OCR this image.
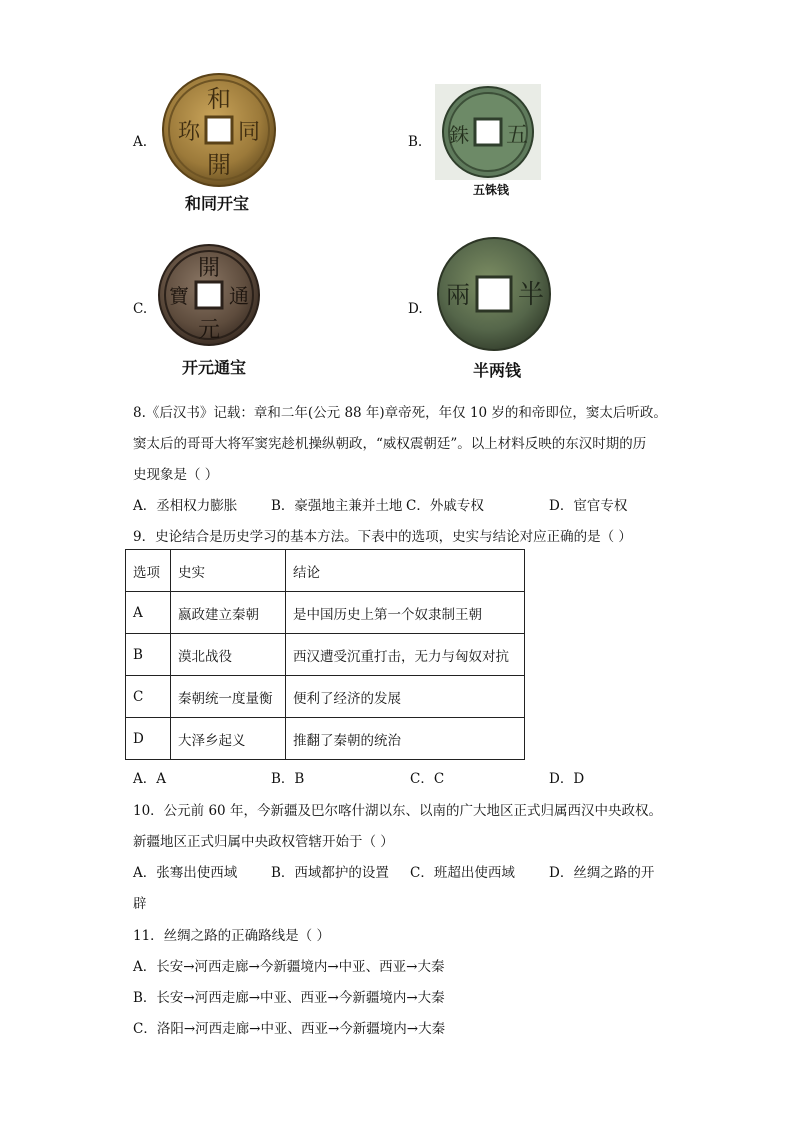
A.
和
同
開
珎
和同开宝
B.	五
銖
五铢钱
C.
開
元
寶 通
开元通宝
D.	半
兩
半两钱
8.《后汉书》记载：章和二年(公元 88 年)章帝死，年仅 10 岁的和帝即位，窦太后听政。
窦太后的哥哥大将军窦宪趁机操纵朝政，“威权震朝廷”。以上材料反映的东汉时期的历
史现象是（ ）
A．丞相权力膨胀	B．豪强地主兼并土地 C．外戚专权	D．宦官专权
9．史论结合是历史学习的基本方法。下表中的选项，史实与结论对应正确的是（ ）
选项	史实	结论
A	嬴政建立秦朝	是中国历史上第一个奴隶制王朝
B	漠北战役	西汉遭受沉重打击，无力与匈奴对抗
C	秦朝统一度量衡	便利了经济的发展
D	大泽乡起义	推翻了秦朝的统治
A．A	B．B	C．C	D．D
10．公元前 60 年，今新疆及巴尔喀什湖以东、以南的广大地区正式归属西汉中央政权。
新疆地区正式归属中央政权管辖开始于（ ）
A．张骞出使西域	B．西域都护的设置 C．班超出使西域	D．丝绸之路的开
辟
11．丝绸之路的正确路线是（ ）
A．长安→河西走廊→今新疆境内→中亚、西亚→大秦
B．长安→河西走廊→中亚、西亚→今新疆境内→大秦
C．洛阳→河西走廊→中亚、西亚→今新疆境内→大秦
